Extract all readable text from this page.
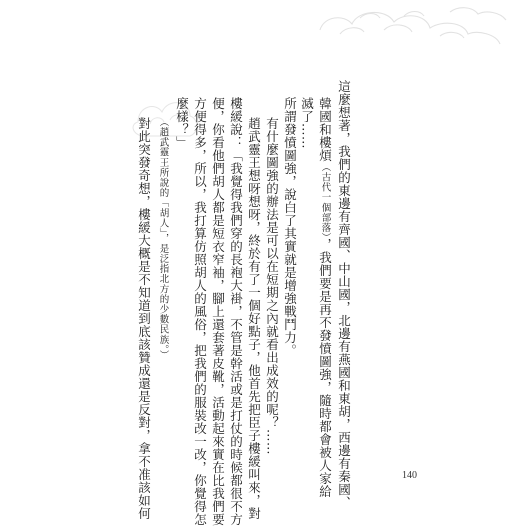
這麼想著，我們的東邊有齊國、中山國，北邊有燕國和東胡，西邊有秦國、
韓國和樓煩（古代一個部落），我們要是再不發憤圖強，隨時都會被人家給
滅了……
所謂發憤圖強，說白了其實就是增強戰鬥力。
有什麼圖強的辦法是可以在短期之內就看出成效的呢？……
趙武靈王想呀想呀，終於有了一個好點子，他首先把臣子樓緩叫來，對
樓緩說：「我覺得我們穿的長袍大褂，不管是幹活或是打仗的時候都很不方
便，你看他們胡人都是短衣窄袖，腳上還套著皮靴，活動起來實在比我們要
方便得多，所以，我打算仿照胡人的風俗，把我們的服裝改一改，你覺得怎
麼樣？」
（趙武靈王所說的「胡人」，是泛指北方的少數民族。）
對此突發奇想，樓緩大概是不知道到底該贊成還是反對，拿不准該如何	140
